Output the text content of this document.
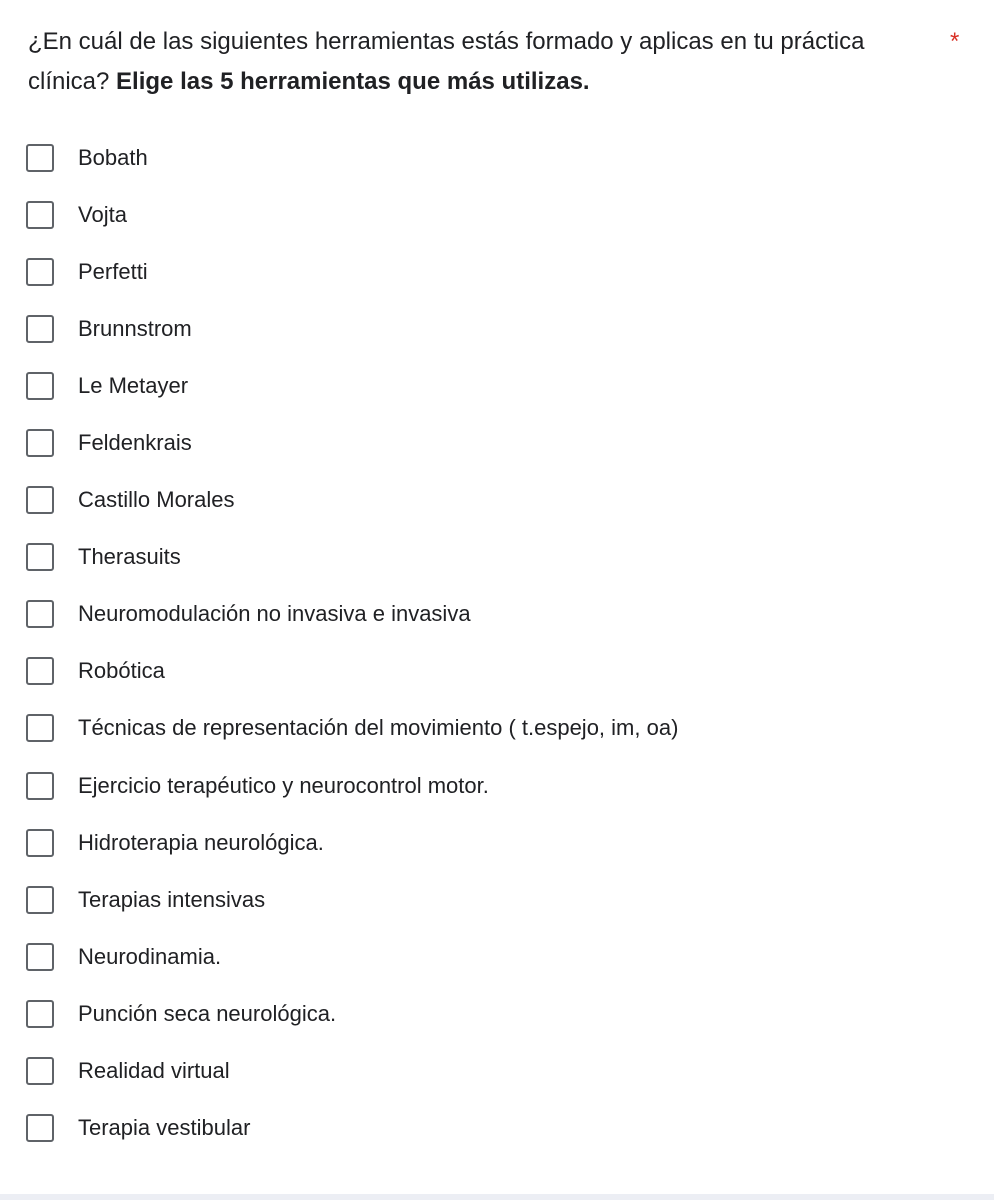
¿En cuál de las siguientes herramientas estás formado y aplicas en tu práctica clínica? Elige las 5 herramientas que más utilizas.

*
Bobath
Vojta
Perfetti
Brunnstrom
Le Metayer
Feldenkrais
Castillo Morales
Therasuits
Neuromodulación no invasiva e invasiva
Robótica
Técnicas de representación del movimiento ( t.espejo, im, oa)
Ejercicio terapéutico y neurocontrol motor.
Hidroterapia neurológica.
Terapias intensivas
Neurodinamia.
Punción seca neurológica.
Realidad virtual
Terapia vestibular
